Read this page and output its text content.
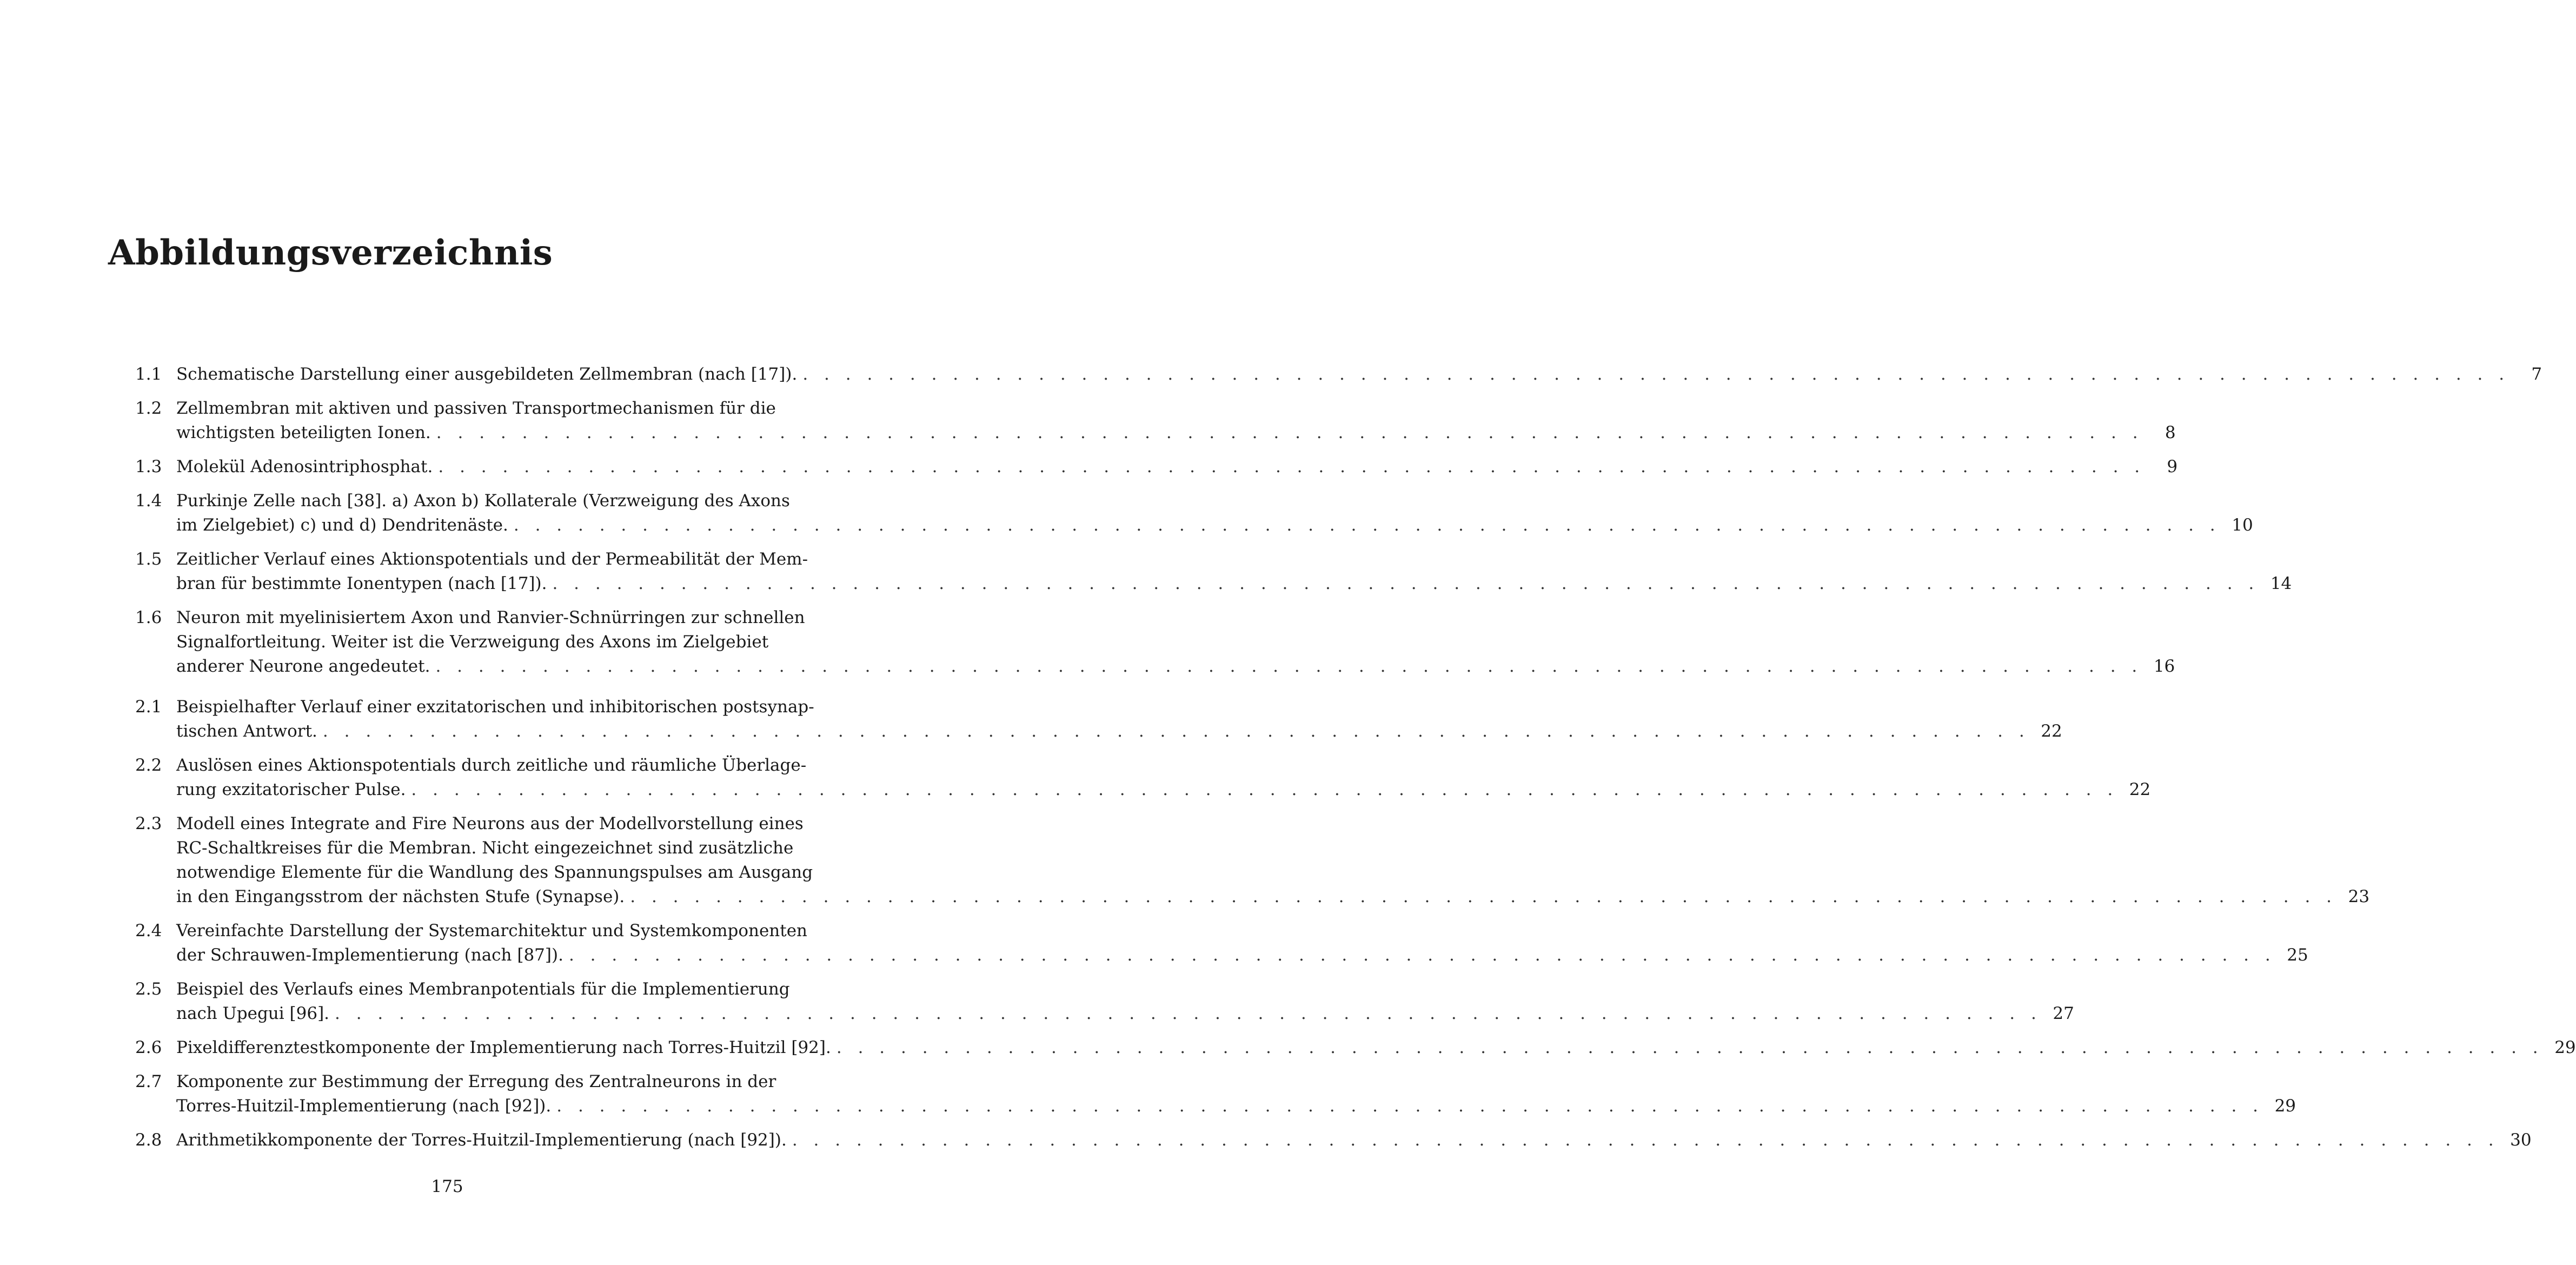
Abbildungsverzeichnis
1.1 Schematische Darstellung einer ausgebildeten Zellmembran (nach [17]). . . . . . . . . . . . . . . . . . . . . . . . . . . . . . . . . . . . . . . . . . . . . . . . . . . . . . . . . . . . . . . . . . . . . . . . . . . . . . . . .	7
1.2 Zellmembran mit aktiven und passiven Transportmechanismen für die
wichtigsten beteiligten Ionen. . . . . . . . . . . . . . . . . . . . . . . . . . . . . . . . . . . . . . . . . . . . . . . . . . . . . . . . . . . . . . . . . . . . . . . . . . . . . . . . .	8
1.3 Molekül Adenosintriphosphat. . . . . . . . . . . . . . . . . . . . . . . . . . . . . . . . . . . . . . . . . . . . . . . . . . . . . . . . . . . . . . . . . . . . . . . . . . . . . . . . .	9
1.4 Purkinje Zelle nach [38]. a) Axon b) Kollaterale (Verzweigung des Axons
im Zielgebiet) c) und d) Dendritenäste. . . . . . . . . . . . . . . . . . . . . . . . . . . . . . . . . . . . . . . . . . . . . . . . . . . . . . . . . . . . . . . . . . . . . . . . . . . . . . . . . 10
1.5 Zeitlicher Verlauf eines Aktionspotentials und der Permeabilität der Mem-
bran für bestimmte Ionentypen (nach [17]). . . . . . . . . . . . . . . . . . . . . . . . . . . . . . . . . . . . . . . . . . . . . . . . . . . . . . . . . . . . . . . . . . . . . . . . . . . . . . . . . 14
1.6 Neuron mit myelinisiertem Axon und Ranvier-Schnürringen zur schnellen
Signalfortleitung. Weiter ist die Verzweigung des Axons im Zielgebiet
anderer Neurone angedeutet. . . . . . . . . . . . . . . . . . . . . . . . . . . . . . . . . . . . . . . . . . . . . . . . . . . . . . . . . . . . . . . . . . . . . . . . . . . . . . . . . 16
2.1 Beispielhafter Verlauf einer exzitatorischen und inhibitorischen postsynap-
tischen Antwort. . . . . . . . . . . . . . . . . . . . . . . . . . . . . . . . . . . . . . . . . . . . . . . . . . . . . . . . . . . . . . . . . . . . . . . . . . . . . . . . . 22
2.2 Auslösen eines Aktionspotentials durch zeitliche und räumliche Überlage-
rung exzitatorischer Pulse. . . . . . . . . . . . . . . . . . . . . . . . . . . . . . . . . . . . . . . . . . . . . . . . . . . . . . . . . . . . . . . . . . . . . . . . . . . . . . . . . 22
2.3 Modell eines Integrate and Fire Neurons aus der Modellvorstellung eines
RC-Schaltkreises für die Membran. Nicht eingezeichnet sind zusätzliche
notwendige Elemente für die Wandlung des Spannungspulses am Ausgang
in den Eingangsstrom der nächsten Stufe (Synapse). . . . . . . . . . . . . . . . . . . . . . . . . . . . . . . . . . . . . . . . . . . . . . . . . . . . . . . . . . . . . . . . . . . . . . . . . . . . . . . . . 23
2.4 Vereinfachte Darstellung der Systemarchitektur und Systemkomponenten
der Schrauwen-Implementierung (nach [87]). . . . . . . . . . . . . . . . . . . . . . . . . . . . . . . . . . . . . . . . . . . . . . . . . . . . . . . . . . . . . . . . . . . . . . . . . . . . . . . . . 25
2.5 Beispiel des Verlaufs eines Membranpotentials für die Implementierung
nach Upegui [96]. . . . . . . . . . . . . . . . . . . . . . . . . . . . . . . . . . . . . . . . . . . . . . . . . . . . . . . . . . . . . . . . . . . . . . . . . . . . . . . . . 27
2.6 Pixeldifferenztestkomponente der Implementierung nach Torres-Huitzil [92]. . . . . . . . . . . . . . . . . . . . . . . . . . . . . . . . . . . . . . . . . . . . . . . . . . . . . . . . . . . . . . . . . . . . . . . . . . . . . . . . . 29
2.7 Komponente zur Bestimmung der Erregung des Zentralneurons in der
Torres-Huitzil-Implementierung (nach [92]). . . . . . . . . . . . . . . . . . . . . . . . . . . . . . . . . . . . . . . . . . . . . . . . . . . . . . . . . . . . . . . . . . . . . . . . . . . . . . . . . 29
2.8 Arithmetikkomponente der Torres-Huitzil-Implementierung (nach [92]). . . . . . . . . . . . . . . . . . . . . . . . . . . . . . . . . . . . . . . . . . . . . . . . . . . . . . . . . . . . . . . . . . . . . . . . . . . . . . . . . 30
175
